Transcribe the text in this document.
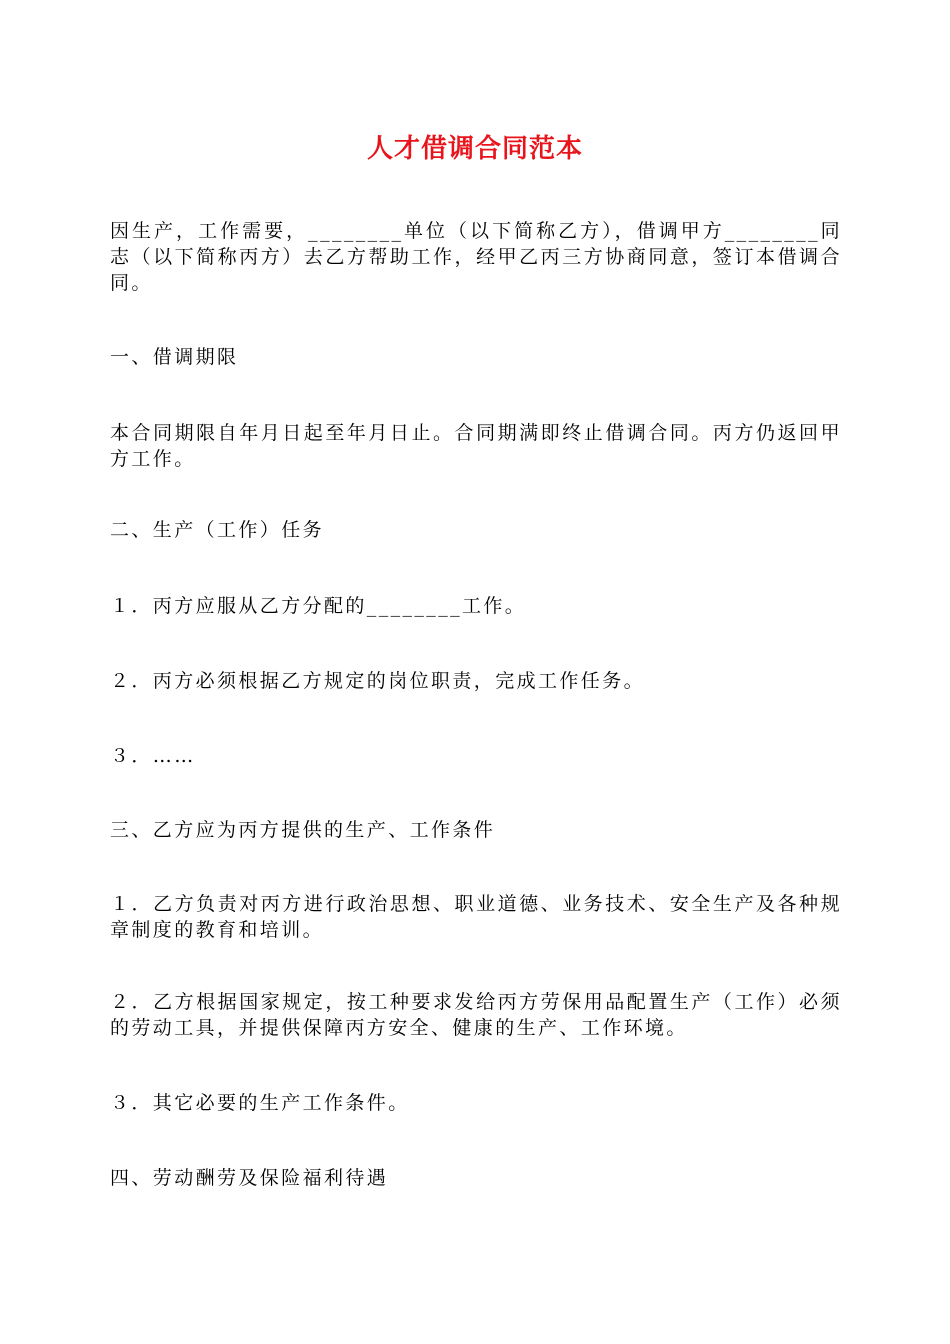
人才借调合同范本
因生产，工作需要，________单位（以下简称乙方），借调甲方________同志（以下简称丙方）去乙方帮助工作，经甲乙丙三方协商同意，签订本借调合同。
一、借调期限
本合同期限自年月日起至年月日止。合同期满即终止借调合同。丙方仍返回甲方工作。
二、生产（工作）任务
１．丙方应服从乙方分配的________工作。
２．丙方必须根据乙方规定的岗位职责，完成工作任务。
３．……
三、乙方应为丙方提供的生产、工作条件
１．乙方负责对丙方进行政治思想、职业道德、业务技术、安全生产及各种规章制度的教育和培训。
２．乙方根据国家规定，按工种要求发给丙方劳保用品配置生产（工作）必须的劳动工具，并提供保障丙方安全、健康的生产、工作环境。
３．其它必要的生产工作条件。
四、劳动酬劳及保险福利待遇
